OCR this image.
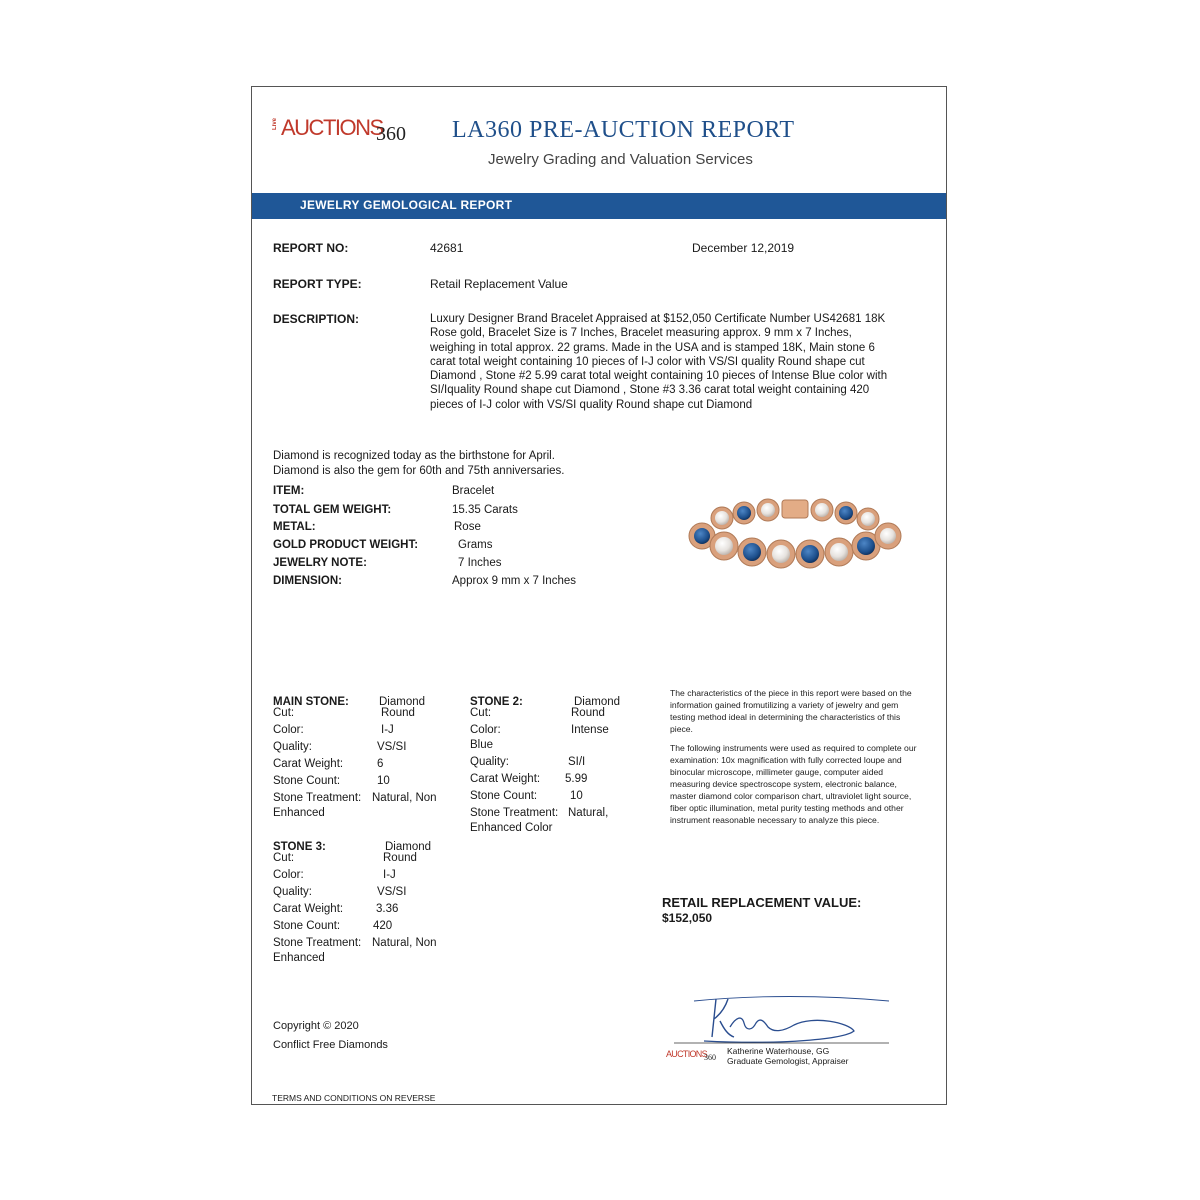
Live AUCTIONS
360 LA360 PRE-AUCTION REPORT
Jewelry Grading and Valuation Services
JEWELRY GEMOLOGICAL REPORT
REPORT NO:	42681	December 12,2019
REPORT TYPE:	Retail Replacement Value
DESCRIPTION:	Luxury Designer Brand Bracelet Appraised at $152,050 Certificate Number US42681 18K Rose gold, Bracelet Size is 7 Inches, Bracelet measuring approx. 9 mm x 7 Inches, weighing in total approx. 22 grams. Made in the USA and is stamped 18K, Main stone 6 carat total weight containing 10 pieces of I-J color with VS/SI quality Round shape cut Diamond , Stone #2 5.99 carat total weight containing 10 pieces of Intense Blue color with SI/Iquality Round shape cut Diamond , Stone #3 3.36 carat total weight containing 420 pieces of I-J color with VS/SI quality Round shape cut Diamond
Diamond is recognized today as the birthstone for April.
Diamond is also the gem for 60th and 75th anniversaries.
ITEM:	Bracelet
TOTAL GEM WEIGHT:	15.35 Carats
METAL:	Rose
GOLD PRODUCT WEIGHT:	Grams
JEWELRY NOTE:	7 Inches
DIMENSION:	Approx 9 mm x 7 Inches
MAIN STONE:	Diamond
Cut:	Round
Color:	I-J
Quality:	VS/SI
Carat Weight:	6
Stone Count:	10
Stone Treatment: Natural, Non
Enhanced
STONE 2:	Diamond
Cut:	Round
Color:	Intense
Blue
Quality:	SI/I
Carat Weight: 5.99
Stone Count:	10
Stone Treatment: Natural,
Enhanced Color
STONE 3:	Diamond
Cut:	Round
Color:	I-J
Quality:	VS/SI
Carat Weight:	3.36
Stone Count:	420
Stone Treatment: Natural, Non
Enhanced

The characteristics of the piece in this report were based on the information gained fromutilizing a variety of jewelry and gem testing method ideal in determining the characteristics of this piece.

The following instruments were used as required to complete our examination: 10x magnification with fully corrected loupe and binocular microscope, millimeter gauge, computer aided measuring device spectroscope system, electronic balance, master diamond color comparison chart, ultraviolet light source, fiber optic illumination, metal purity testing methods and other instrument reasonable necessary to analyze this piece.

RETAIL REPLACEMENT VALUE:
$152,050
Copyright © 2020
Conflict Free Diamonds
AUCTIONS
360
Katherine Waterhouse, GG
Graduate Gemologist, Appraiser
TERMS AND CONDITIONS ON REVERSE
